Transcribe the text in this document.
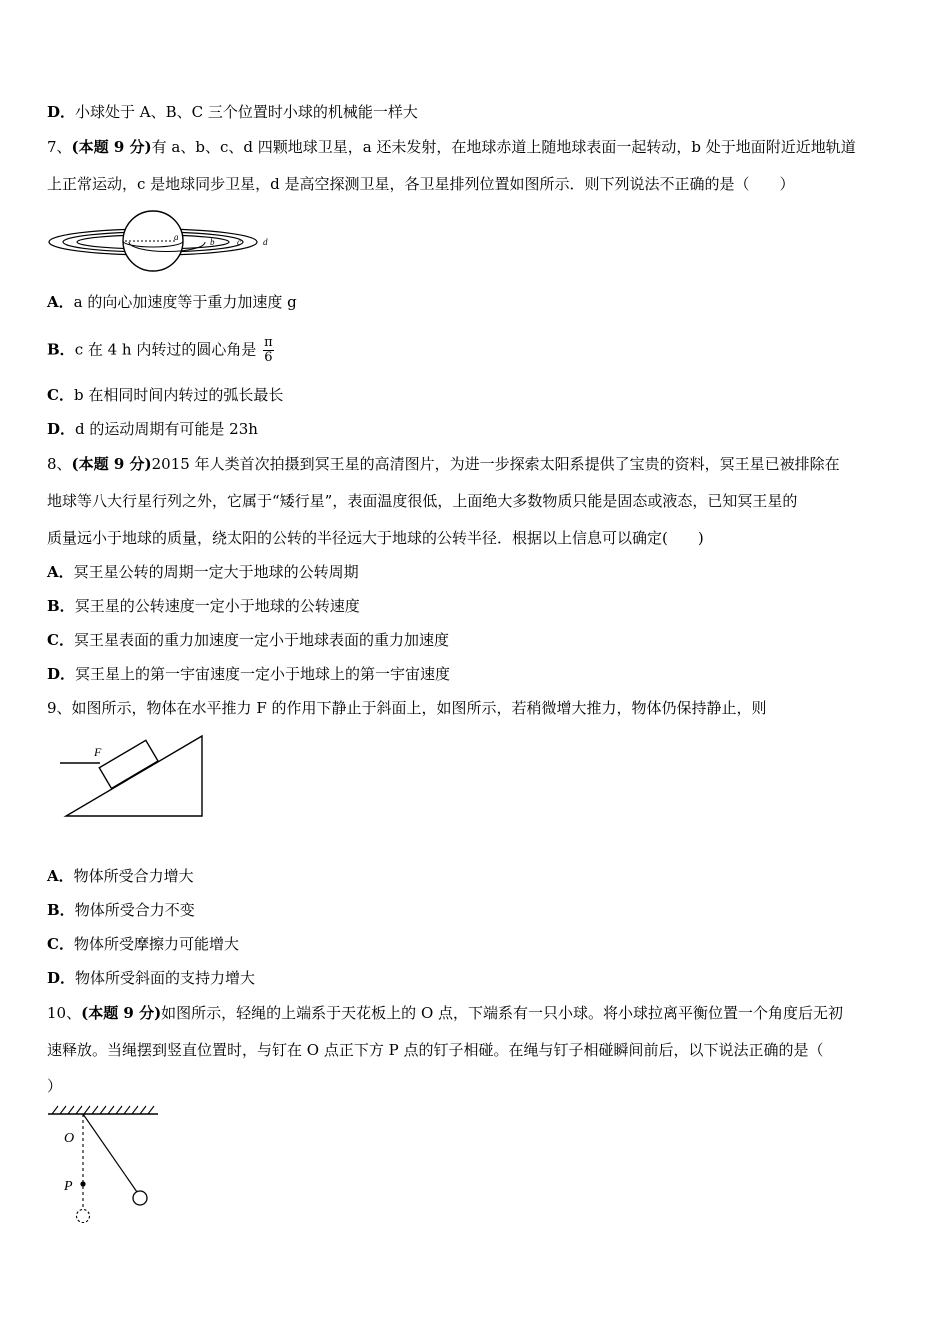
D．小球处于 A、B、C 三个位置时小球的机械能一样大
7、(本题 9 分)有 a、b、c、d 四颗地球卫星，a 还未发射，在地球赤道上随地球表面一起转动，b 处于地面附近近地轨道
上正常运动，c 是地球同步卫星，d 是高空探测卫星，各卫星排列位置如图所示．则下列说法不正确的是（　　）
a	b	c d
A．a 的向心加速度等于重力加速度 g
B．c 在 4 h 内转过的圆心角是 $\frac{\pi}{6}$
C．b 在相同时间内转过的弧长最长
D．d 的运动周期有可能是 23h
8、(本题 9 分)2015 年人类首次拍摄到冥王星的高清图片，为进一步探索太阳系提供了宝贵的资料，冥王星已被排除在
地球等八大行星行列之外，它属于“矮行星”，表面温度很低，上面绝大多数物质只能是固态或液态，已知冥王星的
质量远小于地球的质量，绕太阳的公转的半径远大于地球的公转半径．根据以上信息可以确定(　　)
A．冥王星公转的周期一定大于地球的公转周期
B．冥王星的公转速度一定小于地球的公转速度
C．冥王星表面的重力加速度一定小于地球表面的重力加速度
D．冥王星上的第一宇宙速度一定小于地球上的第一宇宙速度
9、如图所示，物体在水平推力 F 的作用下静止于斜面上，如图所示，若稍微增大推力，物体仍保持静止，则
F
A．物体所受合力增大
B．物体所受合力不变
C．物体所受摩擦力可能增大
D．物体所受斜面的支持力增大
10、(本题 9 分)如图所示，轻绳的上端系于天花板上的 O 点，下端系有一只小球。将小球拉离平衡位置一个角度后无初
速释放。当绳摆到竖直位置时，与钉在 O 点正下方 P 点的钉子相碰。在绳与钉子相碰瞬间前后，以下说法正确的是（
）
O
P
